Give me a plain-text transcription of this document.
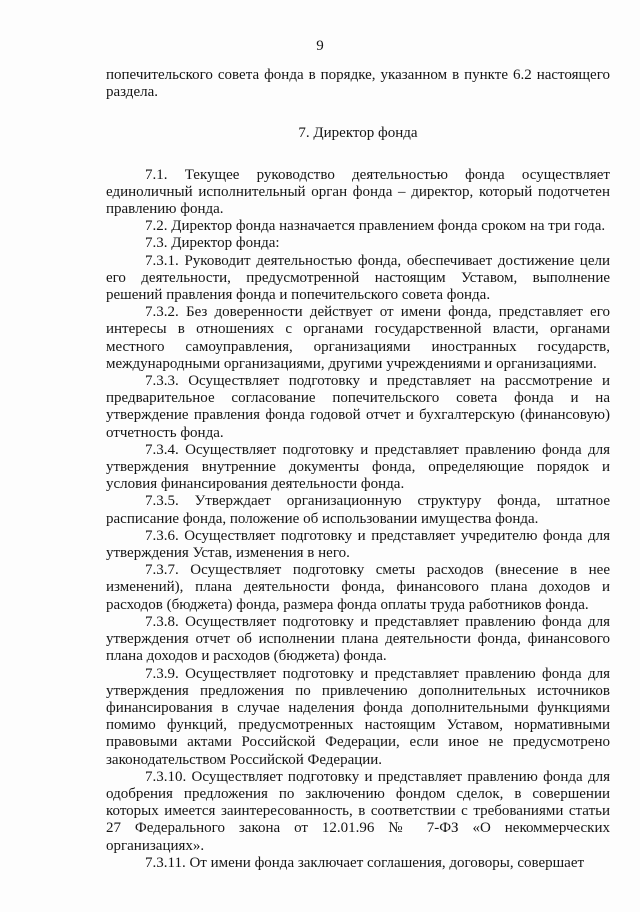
9

попечительского совета фонда в порядке, указанном в пункте 6.2 настоящего раздела.

7. Директор фонда

7.1. Текущее руководство деятельностью фонда осуществляет единоличный исполнительный орган фонда – директор, который подотчетен правлению фонда.

7.2. Директор фонда назначается правлением фонда сроком на три года.

7.3. Директор фонда:

7.3.1. Руководит деятельностью фонда, обеспечивает достижение цели его деятельности, предусмотренной настоящим Уставом, выполнение решений правления фонда и попечительского совета фонда.

7.3.2. Без доверенности действует от имени фонда, представляет его интересы в отношениях с органами государственной власти, органами местного самоуправления, организациями иностранных государств, международными организациями, другими учреждениями и организациями.

7.3.3. Осуществляет подготовку и представляет на рассмотрение и предварительное согласование попечительского совета фонда и на утверждение правления фонда годовой отчет и бухгалтерскую (финансовую) отчетность фонда.

7.3.4. Осуществляет подготовку и представляет правлению фонда для утверждения внутренние документы фонда, определяющие порядок и условия финансирования деятельности фонда.

7.3.5. Утверждает организационную структуру фонда, штатное расписание фонда, положение об использовании имущества фонда.

7.3.6. Осуществляет подготовку и представляет учредителю фонда для утверждения Устав, изменения в него.

7.3.7. Осуществляет подготовку сметы расходов (внесение в нее изменений), плана деятельности фонда, финансового плана доходов и расходов (бюджета) фонда, размера фонда оплаты труда работников фонда.

7.3.8. Осуществляет подготовку и представляет правлению фонда для утверждения отчет об исполнении плана деятельности фонда, финансового плана доходов и расходов (бюджета) фонда.

7.3.9. Осуществляет подготовку и представляет правлению фонда для утверждения предложения по привлечению дополнительных источников финансирования в случае наделения фонда дополнительными функциями помимо функций, предусмотренных настоящим Уставом, нормативными правовыми актами Российской Федерации, если иное не предусмотрено законодательством Российской Федерации.

7.3.10. Осуществляет подготовку и представляет правлению фонда для одобрения предложения по заключению фондом сделок, в совершении которых имеется заинтересованность, в соответствии с требованиями статьи 27 Федерального закона от 12.01.96 № 7-ФЗ «О некоммерческих организациях».

7.3.11. От имени фонда заключает соглашения, договоры, совершает
